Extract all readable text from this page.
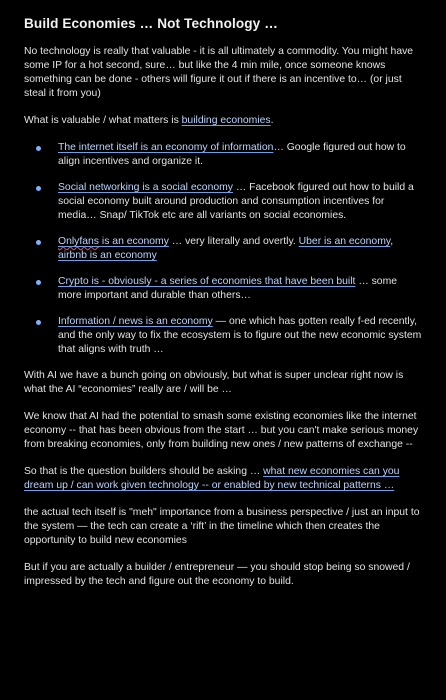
Build Economies … Not Technology …

No technology is really that valuable - it is all ultimately a commodity. You might have some IP for a hot second, sure… but like the 4 min mile, once someone knows something can be done - others will figure it out if there is an incentive to… (or just steal it from you)

What is valuable / what matters is building economies.

The internet itself is an economy of information… Google figured out how to align incentives and organize it.
Social networking is a social economy … Facebook figured out how to build a social economy built around production and consumption incentives for media… Snap/ TikTok etc are all variants on social economies.
Onlyfans is an economy … very literally and overtly. Uber is an economy, airbnb is an economy
Crypto is - obviously - a series of economies that have been built … some more important and durable than others…
Information / news is an economy — one which has gotten really f-ed recently, and the only way to fix the ecosystem is to figure out the new economic system that aligns with truth …

With AI we have a bunch going on obviously, but what is super unclear right now is what the AI “economies” really are / will be …

We know that AI had the potential to smash some existing economies like the internet economy -- that has been obvious from the start … but you can't make serious money from breaking economies, only from building new ones / new patterns of exchange --

So that is the question builders should be asking … what new economies can you dream up / can work given technology -- or enabled by new technical patterns …

the actual tech itself is "meh" importance from a business perspective / just an input to the system — the tech can create a ‘rift’ in the timeline which then creates the opportunity to build new economies

But if you are actually a builder / entrepreneur — you should stop being so snowed / impressed by the tech and figure out the economy to build.
